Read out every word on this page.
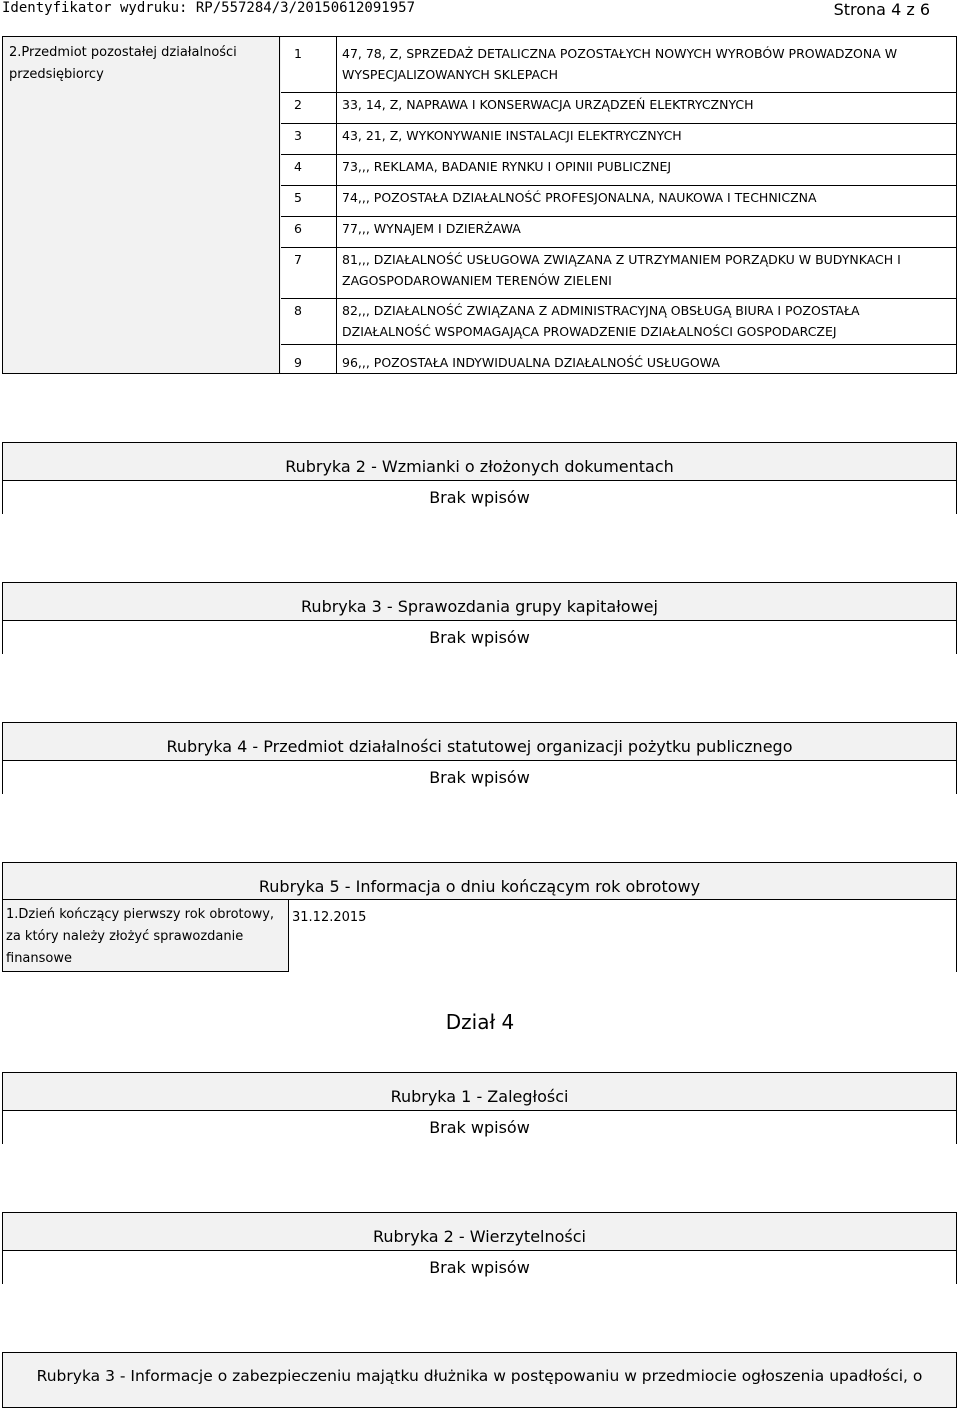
Identyfikator wydruku: RP/557284/3/20150612091957	Strona 4 z 6
2.Przedmiot pozostałej działalności przedsiębiorcy
1	47, 78, Z, SPRZEDAŻ DETALICZNA POZOSTAŁYCH NOWYCH WYROBÓW PROWADZONA W WYSPECJALIZOWANYCH SKLEPACH
2	33, 14, Z, NAPRAWA I KONSERWACJA URZĄDZEŃ ELEKTRYCZNYCH
3	43, 21, Z, WYKONYWANIE INSTALACJI ELEKTRYCZNYCH
4	73,,, REKLAMA, BADANIE RYNKU I OPINII PUBLICZNEJ
5	74,,, POZOSTAŁA DZIAŁALNOŚĆ PROFESJONALNA, NAUKOWA I TECHNICZNA
6	77,,, WYNAJEM I DZIERŻAWA
7	81,,, DZIAŁALNOŚĆ USŁUGOWA ZWIĄZANA Z UTRZYMANIEM PORZĄDKU W BUDYNKACH I ZAGOSPODAROWANIEM TERENÓW ZIELENI
8	82,,, DZIAŁALNOŚĆ ZWIĄZANA Z ADMINISTRACYJNĄ OBSŁUGĄ BIURA I POZOSTAŁA DZIAŁALNOŚĆ WSPOMAGAJĄCA PROWADZENIE DZIAŁALNOŚCI GOSPODARCZEJ
9	96,,, POZOSTAŁA INDYWIDUALNA DZIAŁALNOŚĆ USŁUGOWA
Rubryka 2 - Wzmianki o złożonych dokumentach
Brak wpisów
Rubryka 3 - Sprawozdania grupy kapitałowej
Brak wpisów
Rubryka 4 - Przedmiot działalności statutowej organizacji pożytku publicznego
Brak wpisów
Rubryka 5 - Informacja o dniu kończącym rok obrotowy
1.Dzień kończący pierwszy rok obrotowy, za który należy złożyć sprawozdanie finansowe
31.12.2015
Dział 4
Rubryka 1 - Zaległości
Brak wpisów
Rubryka 2 - Wierzytelności
Brak wpisów
Rubryka 3 - Informacje o zabezpieczeniu majątku dłużnika w postępowaniu w przedmiocie ogłoszenia upadłości, o
